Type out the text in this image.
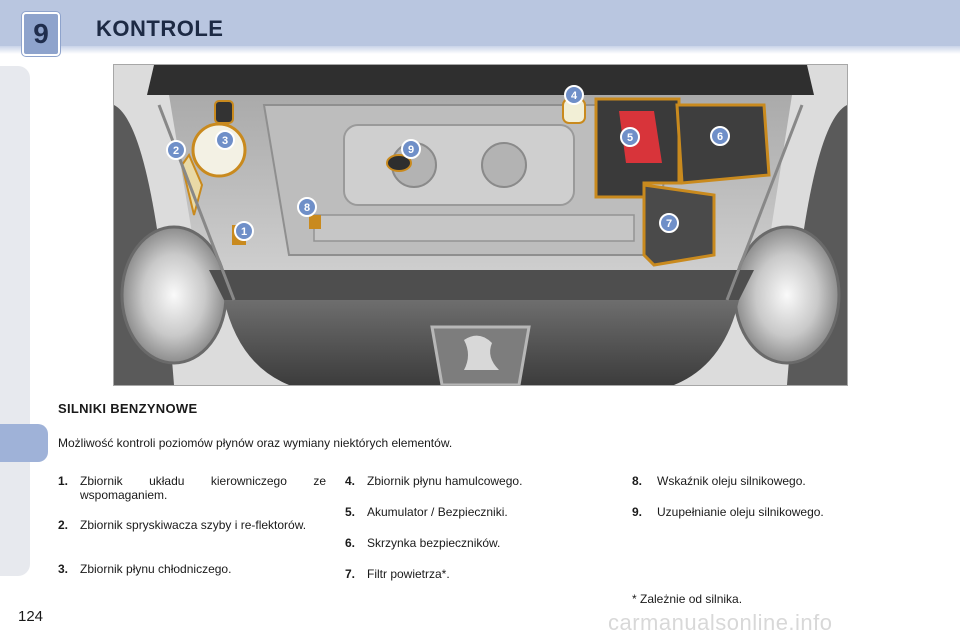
9	KONTROLE
1
2
3
4
5	6
7
8
9
SILNIKI BENZYNOWE
Możliwość kontroli poziomów płynów oraz wymiany niektórych elementów.
1. Zbiornik układu kierowniczego ze wspomaganiem.
2. Zbiornik spryskiwacza szyby i re-flektorów.
3. Zbiornik płynu chłodniczego.
4. Zbiornik płynu hamulcowego.
5. Akumulator / Bezpieczniki.
6. Skrzynka bezpieczników.
7. Filtr powietrza*.
8.	Wskaźnik oleju silnikowego.
9.	Uzupełnianie oleju silnikowego.
* Zależnie od silnika.
124	carmanualsonline.info
